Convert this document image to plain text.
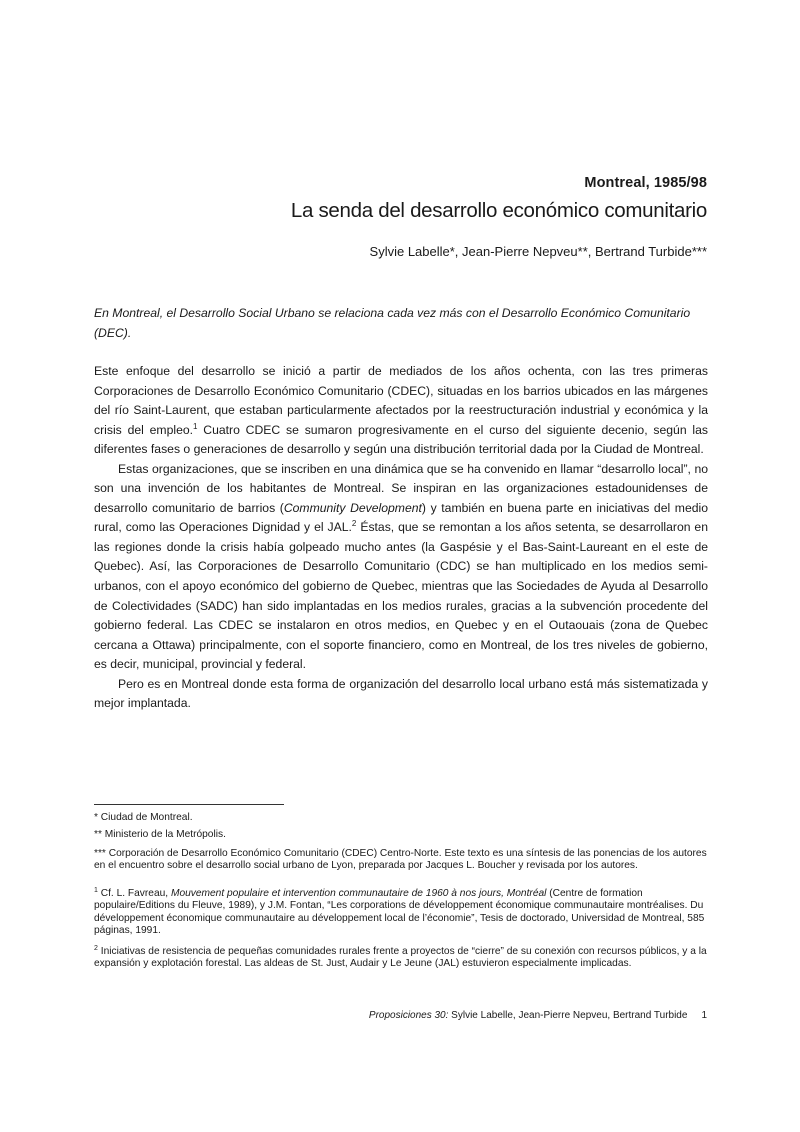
Montreal, 1985/98
La senda del desarrollo económico comunitario
Sylvie Labelle*, Jean-Pierre Nepveu**, Bertrand Turbide***
En Montreal, el Desarrollo Social Urbano se relaciona cada vez más con el Desarrollo Económico Comunitario (DEC).

Este enfoque del desarrollo se inició a partir de mediados de los años ochenta, con las tres primeras Corporaciones de Desarrollo Económico Comunitario (CDEC), situadas en los barrios ubicados en las márgenes del río Saint-Laurent, que estaban particularmente afectados por la reestructuración industrial y económica y la crisis del empleo.$^1$ Cuatro CDEC se sumaron progresivamente en el curso del siguiente decenio, según las diferentes fases o generaciones de desarrollo y según una distribución territorial dada por la Ciudad de Montreal.

Estas organizaciones, que se inscriben en una dinámica que se ha convenido en llamar “desarrollo local”, no son una invención de los habitantes de Montreal. Se inspiran en las organizaciones estadounidenses de desarrollo comunitario de barrios (Community Development) y también en buena parte en iniciativas del medio rural, como las Operaciones Dignidad y el JAL.$^2$ Éstas, que se remontan a los años setenta, se desarrollaron en las regiones donde la crisis había golpeado mucho antes (la Gaspésie y el Bas-Saint-Laureant en el este de Quebec). Así, las Corporaciones de Desarrollo Comunitario (CDC) se han multiplicado en los medios semi-urbanos, con el apoyo económico del gobierno de Quebec, mientras que las Sociedades de Ayuda al Desarrollo de Colectividades (SADC) han sido implantadas en los medios rurales, gracias a la subvención procedente del gobierno federal. Las CDEC se instalaron en otros medios, en Quebec y en el Outaouais (zona de Quebec cercana a Ottawa) principalmente, con el soporte financiero, como en Montreal, de los tres niveles de gobierno, es decir, municipal, provincial y federal.

Pero es en Montreal donde esta forma de organización del desarrollo local urbano está más sistematizada y mejor implantada.

* Ciudad de Montreal.
** Ministerio de la Metrópolis.
*** Corporación de Desarrollo Económico Comunitario (CDEC) Centro-Norte. Este texto es una síntesis de las ponencias de los autores en el encuentro sobre el desarrollo social urbano de Lyon, preparada por Jacques L. Boucher y revisada por los autores.
$^1$ Cf. L. Favreau, Mouvement populaire et intervention communautaire de 1960 à nos jours, Montréal (Centre de formation populaire/Editions du Fleuve, 1989), y J.M. Fontan, “Les corporations de développement économique communautaire montréalises. Du développement économique communautaire au développement local de l’économie”, Tesis de doctorado, Universidad de Montreal, 585 páginas, 1991.
$^2$ Iniciativas de resistencia de pequeñas comunidades rurales frente a proyectos de “cierre” de su conexión con recursos públicos, y a la expansión y explotación forestal. Las aldeas de St. Just, Audair y Le Jeune (JAL) estuvieron especialmente implicadas.
Proposiciones 30: Sylvie Labelle, Jean-Pierre Nepveu, Bertrand Turbide 1
